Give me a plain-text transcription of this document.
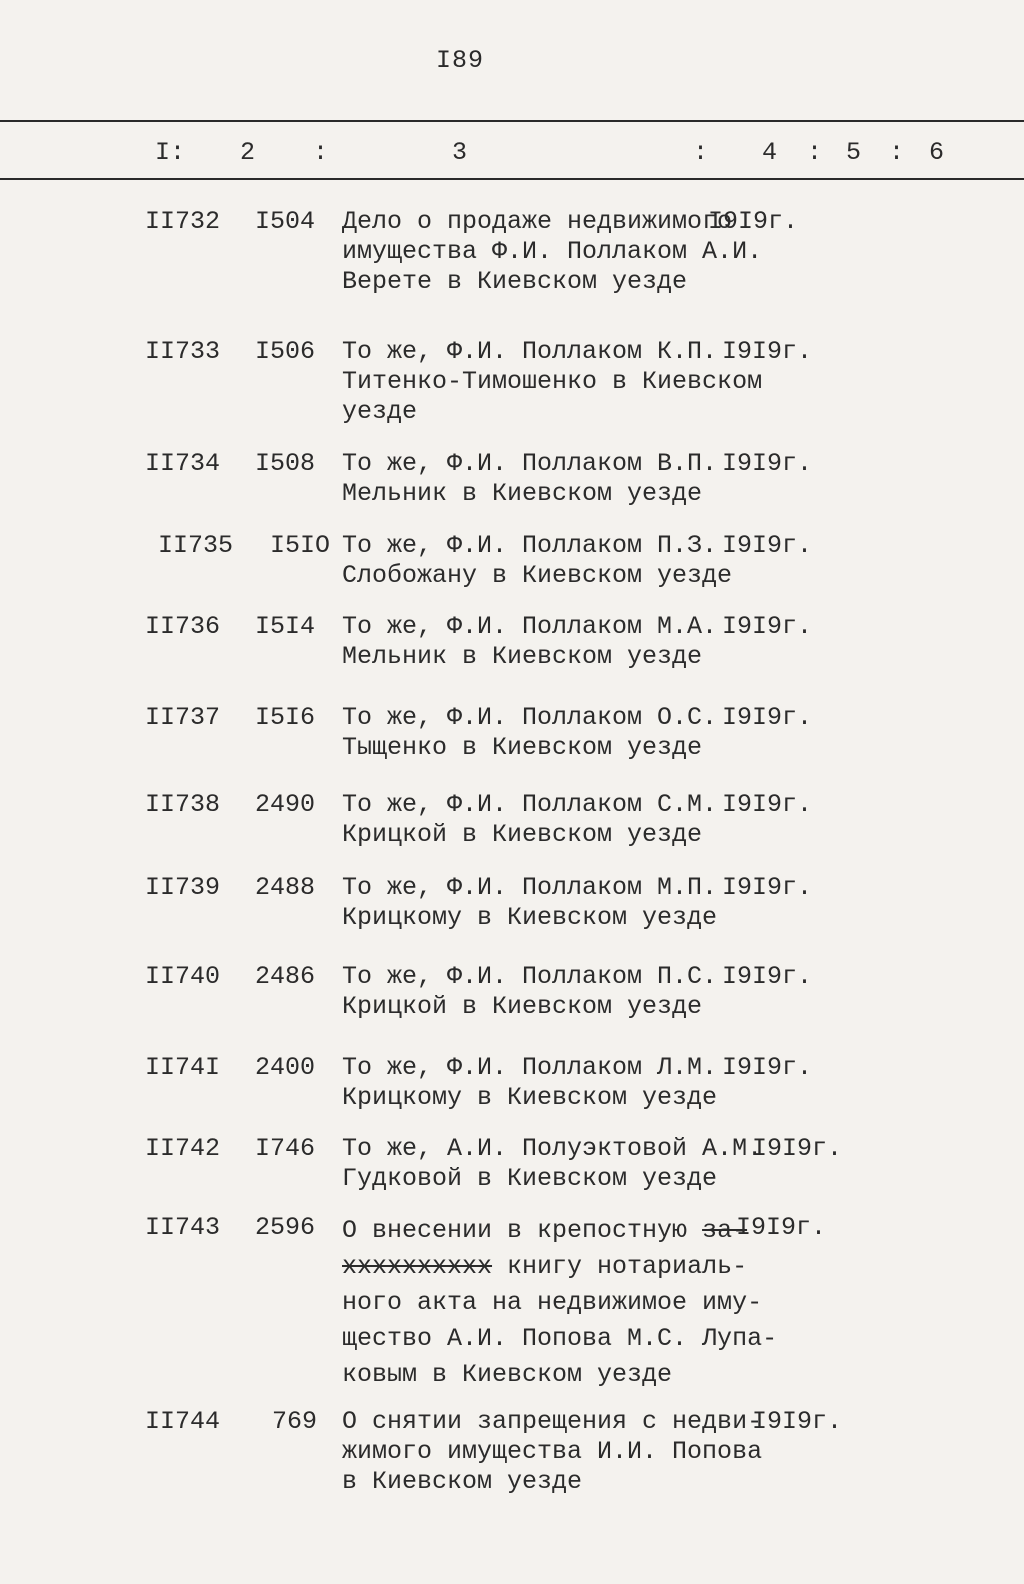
I89
I: 2 :	3	: 4 : 5 : 6
II732 I504 Дело о продаже недвижимого
имущества Ф.И. Поллаком А.И.
Верете в Киевском уезде
I9I9г.
II733 I506 То же, Ф.И. Поллаком К.П.
Титенко-Тимошенко в Киевском
уезде
I9I9г.
II734 I508 То же, Ф.И. Поллаком В.П.
Мельник в Киевском уезде
I9I9г.
II735 I5IO То же, Ф.И. Поллаком П.З.
Слобожану в Киевском уезде
I9I9г.
II736 I5I4 То же, Ф.И. Поллаком М.А.
Мельник в Киевском уезде
I9I9г.
II737 I5I6 То же, Ф.И. Поллаком О.С.
Тыщенко в Киевском уезде
I9I9г.
II738 2490 То же, Ф.И. Поллаком С.М.
Крицкой в Киевском уезде
I9I9г.
II739 2488 То же, Ф.И. Поллаком М.П.
Крицкому в Киевском уезде
I9I9г.
II740 2486 То же, Ф.И. Поллаком П.С.
Крицкой в Киевском уезде
I9I9г.
II74I 2400 То же, Ф.И. Поллаком Л.М.
Крицкому в Киевском уезде
I9I9г.
II742 I746 То же, А.И. Полуэктовой А.М.
Гудковой в Киевском уезде
I9I9г.
II743 2596 О внесении в крепостную за-
хххххххххх книгу нотариаль-
ного акта на недвижимое иму-
щество А.И. Попова М.С. Лупа-
ковым в Киевском уезде
I9I9г.
II744 769 О снятии запрещения с недви-
жимого имущества И.И. Попова
в Киевском уезде
I9I9г.
